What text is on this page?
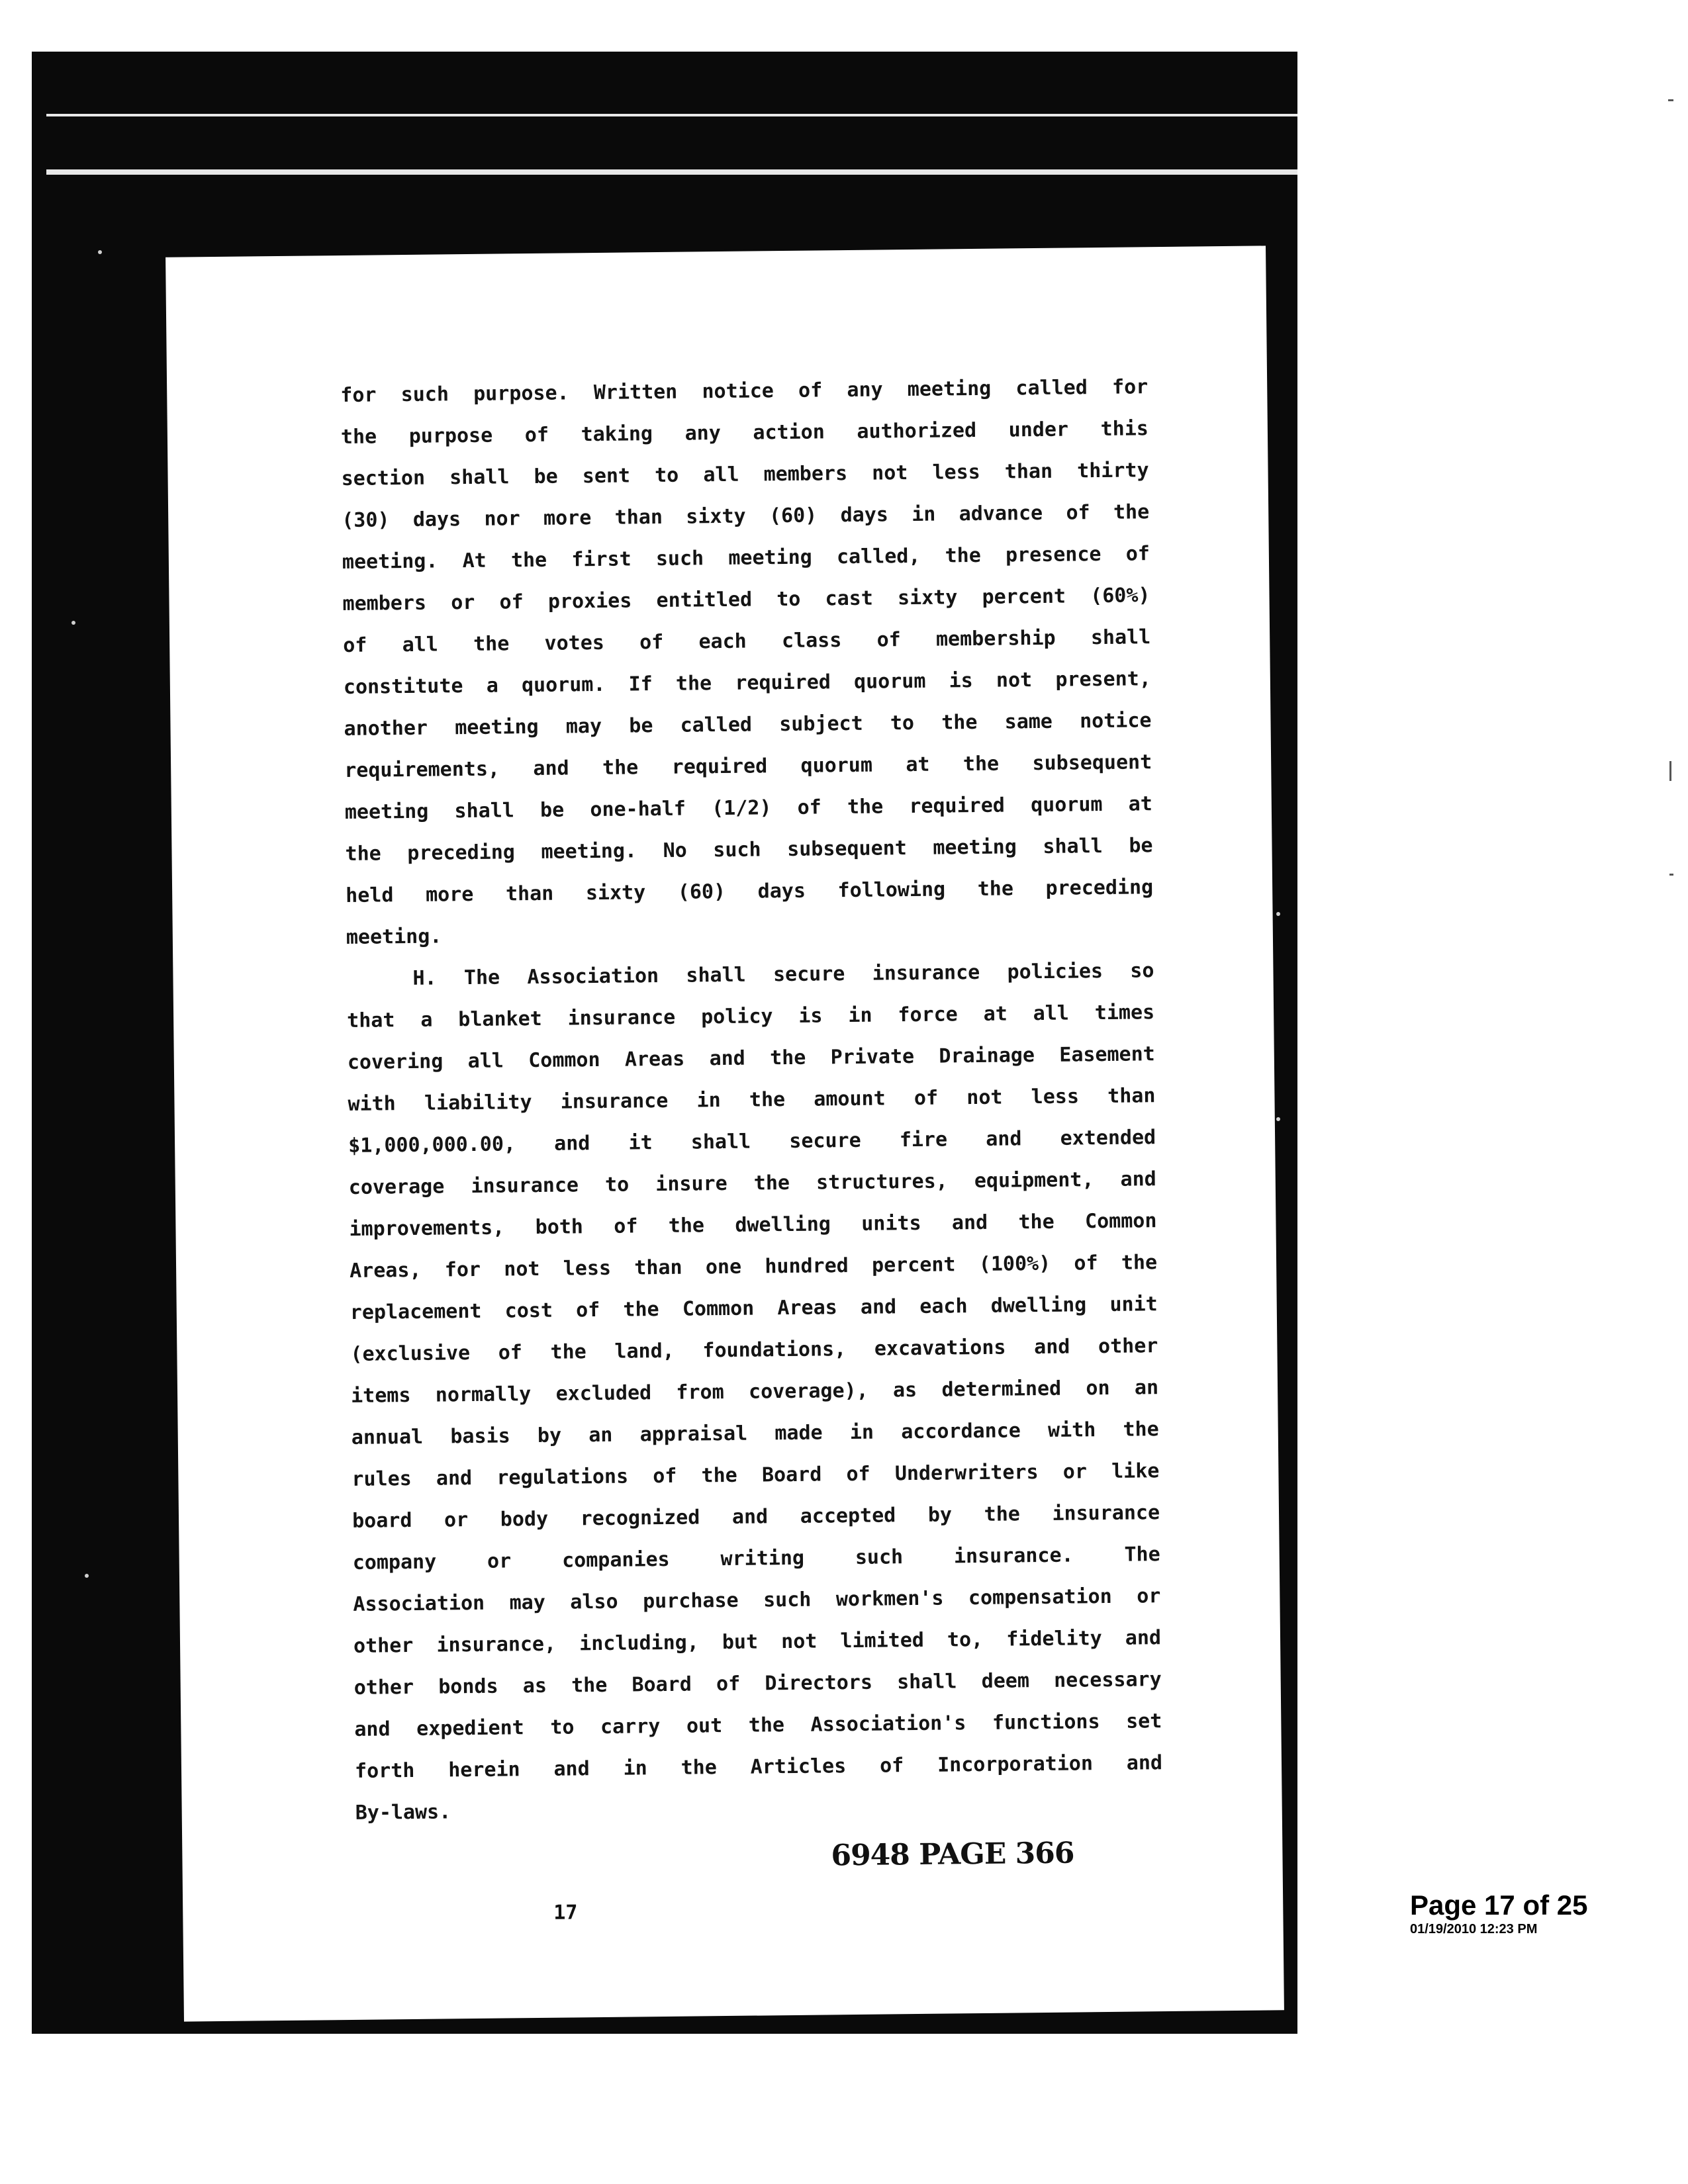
for such purpose. Written notice of any meeting called for
the purpose of taking any action authorized under this
section shall be sent to all members not less than thirty
(30) days nor more than sixty (60) days in advance of the
meeting. At the first such meeting called, the presence of
members or of proxies entitled to cast sixty percent (60%)
of all the votes of each class of membership shall
constitute a quorum. If the required quorum is not present,
another meeting may be called subject to the same notice
requirements, and the required quorum at the subsequent
meeting shall be one-half (1/2) of the required quorum at
the preceding meeting. No such subsequent meeting shall be
held more than sixty (60) days following the preceding
meeting.
H. The Association shall secure insurance policies so
that a blanket insurance policy is in force at all times
covering all Common Areas and the Private Drainage Easement
with liability insurance in the amount of not less than
$1,000,000.00, and it shall secure fire and extended
coverage insurance to insure the structures, equipment, and
improvements, both of the dwelling units and the Common
Areas, for not less than one hundred percent (100%) of the
replacement cost of the Common Areas and each dwelling unit
(exclusive of the land, foundations, excavations and other
items normally excluded from coverage), as determined on an
annual basis by an appraisal made in accordance with the
rules and regulations of the Board of Underwriters or like
board or body recognized and accepted by the insurance
company or companies writing such insurance. The
Association may also purchase such workmen's compensation or
other insurance, including, but not limited to, fidelity and
other bonds as the Board of Directors shall deem necessary
and expedient to carry out the Association's functions set
forth herein and in the Articles of Incorporation and
By-laws.
6948 PAGE 366
17	Page 17 of 25
01/19/2010 12:23 PM
